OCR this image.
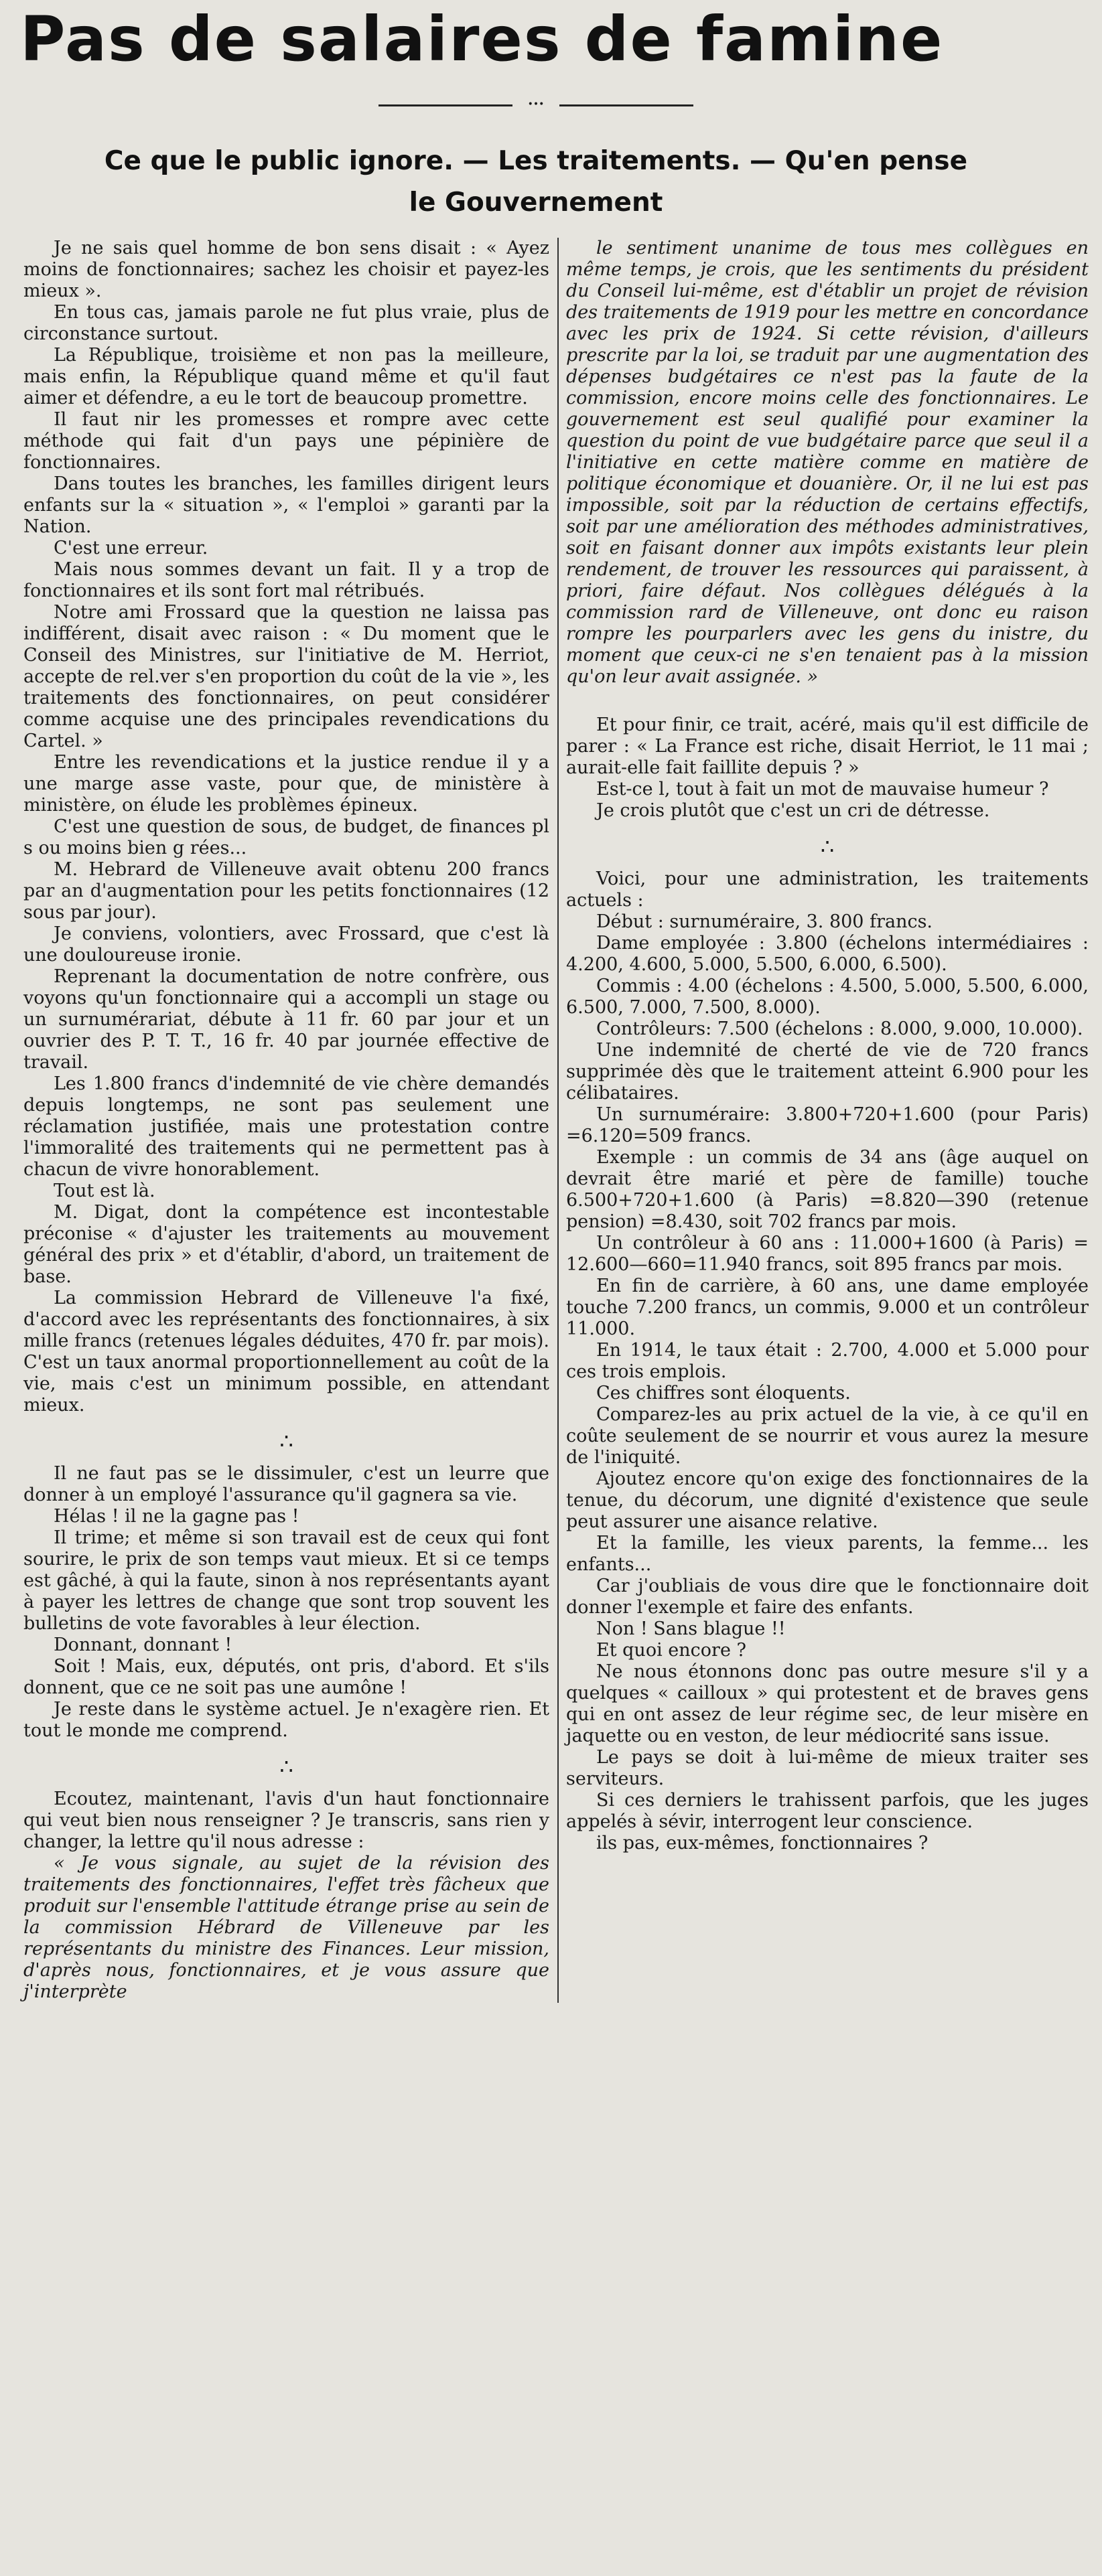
Pas de salaires de famine
•••
Ce que le public ignore. — Les traitements. — Qu'en pense
le Gouvernement

Je ne sais quel homme de bon sens disait : « Ayez moins de fonctionnaires; sachez les choisir et payez-les mieux ».

En tous cas, jamais parole ne fut plus vraie, plus de circonstance surtout.

La République, troisième et non pas la meilleure, mais enfin, la République quand même et qu'il faut aimer et défendre, a eu le tort de beaucoup promettre.

Il faut nir les promesses et rompre avec cette méthode qui fait d'un pays une pépinière de fonctionnaires.

Dans toutes les branches, les familles dirigent leurs enfants sur la « situation », « l'emploi » garanti par la Nation.

C'est une erreur.

Mais nous sommes devant un fait. Il y a trop de fonctionnaires et ils sont fort mal rétribués.

Notre ami Frossard que la question ne laissa pas indifférent, disait avec raison : « Du moment que le Conseil des Ministres, sur l'initiative de M. Herriot, accepte de rel.ver s'en proportion du coût de la vie », les traitements des fonctionnaires, on peut considérer comme acquise une des principales revendications du Cartel. »

Entre les revendications et la justice rendue il y a une marge asse vaste, pour que, de ministère à ministère, on élude les problèmes épineux.

C'est une question de sous, de budget, de finances pl s ou moins bien g rées...

M. Hebrard de Villeneuve avait obtenu 200 francs par an d'augmentation pour les petits fonctionnaires (12 sous par jour).

Je conviens, volontiers, avec Frossard, que c'est là une douloureuse ironie.

Reprenant la documentation de notre confrère, ous voyons qu'un fonctionnaire qui a accompli un stage ou un surnumérariat, débute à 11 fr. 60 par jour et un ouvrier des P. T. T., 16 fr. 40 par journée effective de travail.

Les 1.800 francs d'indemnité de vie chère demandés depuis longtemps, ne sont pas seulement une réclamation justifiée, mais une protestation contre l'immoralité des traitements qui ne permettent pas à chacun de vivre honorablement.

Tout est là.

M. Digat, dont la compétence est incontestable préconise « d'ajuster les traitements au mouvement général des prix » et d'établir, d'abord, un traitement de base.

La commission Hebrard de Villeneuve l'a fixé, d'accord avec les représentants des fonctionnaires, à six mille francs (retenues légales déduites, 470 fr. par mois). C'est un taux anormal proportionnellement au coût de la vie, mais c'est un minimum possible, en attendant mieux.

∴

Il ne faut pas se le dissimuler, c'est un leurre que donner à un employé l'assurance qu'il gagnera sa vie.

Hélas ! il ne la gagne pas !

Il trime; et même si son travail est de ceux qui font sourire, le prix de son temps vaut mieux. Et si ce temps est gâché, à qui la faute, sinon à nos représentants ayant à payer les lettres de change que sont trop souvent les bulletins de vote favorables à leur élection.

Donnant, donnant !

Soit ! Mais, eux, députés, ont pris, d'abord. Et s'ils donnent, que ce ne soit pas une aumône !

Je reste dans le système actuel. Je n'exagère rien. Et tout le monde me comprend.

∴

Ecoutez, maintenant, l'avis d'un haut fonctionnaire qui veut bien nous renseigner ? Je transcris, sans rien y changer, la lettre qu'il nous adresse :

« Je vous signale, au sujet de la révision des traitements des fonctionnaires, l'effet très fâcheux que produit sur l'ensemble l'attitude étrange prise au sein de la commission Hébrard de Villeneuve par les représentants du ministre des Finances. Leur mission, d'après nous, fonctionnaires, et je vous assure que j'interprète

le sentiment unanime de tous mes collègues en même temps, je crois, que les sentiments du président du Conseil lui-même, est d'établir un projet de révision des traitements de 1919 pour les mettre en concordance avec les prix de 1924. Si cette révision, d'ailleurs prescrite par la loi, se traduit par une augmentation des dépenses budgétaires ce n'est pas la faute de la commission, encore moins celle des fonctionnaires. Le gouvernement est seul qualifié pour examiner la question du point de vue budgétaire parce que seul il a l'initiative en cette matière comme en matière de politique économique et douanière. Or, il ne lui est pas impossible, soit par la réduction de certains effectifs, soit par une amélioration des méthodes administratives, soit en faisant donner aux impôts existants leur plein rendement, de trouver les ressources qui paraissent, à priori, faire défaut. Nos collègues délégués à la commission rard de Villeneuve, ont donc eu raison rompre les pourparlers avec les gens du inistre, du moment que ceux-ci ne s'en tenaient pas à la mission qu'on leur avait assignée. »

Et pour finir, ce trait, acéré, mais qu'il est difficile de parer : « La France est riche, disait Herriot, le 11 mai ; aurait-elle fait faillite depuis ? »

Est-ce l, tout à fait un mot de mauvaise humeur ?

Je crois plutôt que c'est un cri de détresse.

∴

Voici, pour une administration, les traitements actuels :

Début : surnuméraire, 3. 800 francs.

Dame employée : 3.800 (échelons intermédiaires : 4.200, 4.600, 5.000, 5.500, 6.000, 6.500).

Commis : 4.00 (échelons : 4.500, 5.000, 5.500, 6.000, 6.500, 7.000, 7.500, 8.000).

Contrôleurs: 7.500 (échelons : 8.000, 9.000, 10.000).

Une indemnité de cherté de vie de 720 francs supprimée dès que le traitement atteint 6.900 pour les célibataires.

Un surnuméraire: 3.800+720+1.600 (pour Paris) =6.120=509 francs.

Exemple : un commis de 34 ans (âge auquel on devrait être marié et père de famille) touche 6.500+720+1.600 (à Paris) =8.820—390 (retenue pension) =8.430, soit 702 francs par mois.

Un contrôleur à 60 ans : 11.000+1600 (à Paris) = 12.600—660=11.940 francs, soit 895 francs par mois.

En fin de carrière, à 60 ans, une dame employée touche 7.200 francs, un commis, 9.000 et un contrôleur 11.000.

En 1914, le taux était : 2.700, 4.000 et 5.000 pour ces trois emplois.

Ces chiffres sont éloquents.

Comparez-les au prix actuel de la vie, à ce qu'il en coûte seulement de se nourrir et vous aurez la mesure de l'iniquité.

Ajoutez encore qu'on exige des fonctionnaires de la tenue, du décorum, une dignité d'existence que seule peut assurer une aisance relative.

Et la famille, les vieux parents, la femme... les enfants...

Car j'oubliais de vous dire que le fonctionnaire doit donner l'exemple et faire des enfants.

Non ! Sans blague !!

Et quoi encore ?

Ne nous étonnons donc pas outre mesure s'il y a quelques « cailloux » qui protestent et de braves gens qui en ont assez de leur régime sec, de leur misère en jaquette ou en veston, de leur médiocrité sans issue.

Le pays se doit à lui-même de mieux traiter ses serviteurs.

Si ces derniers le trahissent parfois, que les juges appelés à sévir, interrogent leur conscience.

ils pas, eux-mêmes, fonctionnaires ?
